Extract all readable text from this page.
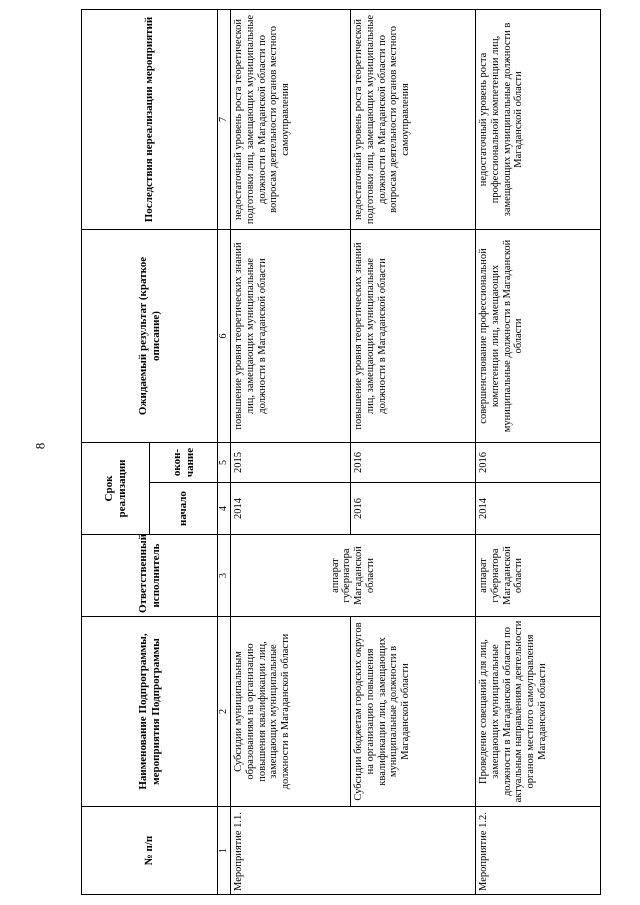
8
№ п/п	Наименование Подпрограммы, мероприятия Подпрограммы	Ответственный исполнитель	Срок реализации		Ожидаемый результат (краткое описание)	Последствия нереализации мероприятий
			начало	окон-чание		
1	2	3	4	5	6	7
Мероприятие 1.1.	Субсидии муниципальным образованиям на организацию повышения квалификации лиц, замещающих муниципальные должности в Магаданской области	аппарат губернатора Магаданской области	2014	2015	повышение уровня теоретических знаний лиц, замещающих муниципальные должности в Магаданской области	недостаточный уровень роста теоретической подготовки лиц, замещающих муниципальные должности в Магаданской области по вопросам деятельности органов местного самоуправления
	Субсидии бюджетам городских округов на организацию повышения квалификации лиц, замещающих муниципальные должности в Магаданской области		2016	2016	повышение уровня теоретических знаний лиц, замещающих муниципальные должности в Магаданской области	недостаточный уровень роста теоретической подготовки лиц, замещающих муниципальные должности в Магаданской области по вопросам деятельности органов местного самоуправления
Мероприятие 1.2.	Проведение совещаний для лиц, замещающих муниципальные должности в Магаданской области по актуальным направлениям деятельности органов местного самоуправления Магаданской области	аппарат губернатора Магаданской области	2014	2016	совершенствование профессиональной компетенции лиц, замещающих муниципальные должности в Магаданской области	недостаточный уровень роста профессиональной компетенции лиц, замещающих муниципальные должности в Магаданской области
